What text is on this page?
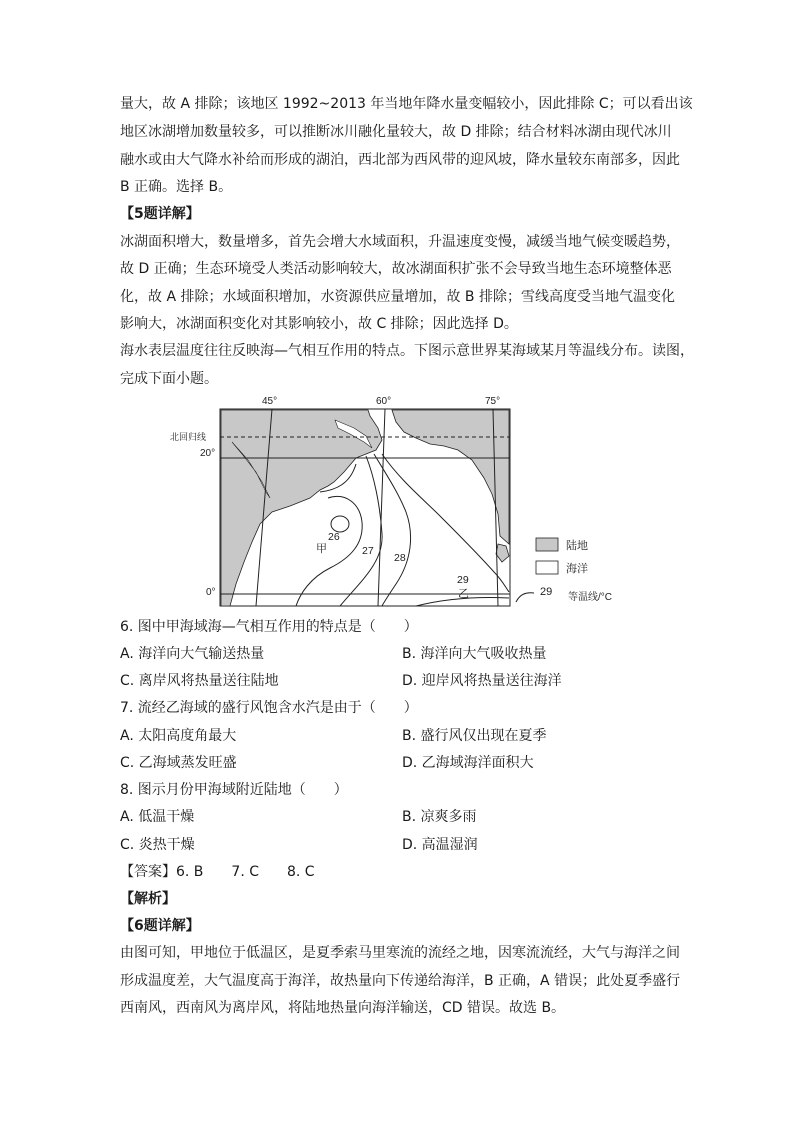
量大，故 A 排除；该地区 1992~2013 年当地年降水量变幅较小，因此排除 C；可以看出该
地区冰湖增加数量较多，可以推断冰川融化量较大，故 D 排除；结合材料冰湖由现代冰川
融水或由大气降水补给而形成的湖泊，西北部为西风带的迎风坡，降水量较东南部多，因此
B 正确。选择 B。
【5题详解】
冰湖面积增大，数量增多，首先会增大水域面积，升温速度变慢，减缓当地气候变暖趋势，
故 D 正确；生态环境受人类活动影响较大，故冰湖面积扩张不会导致当地生态环境整体恶
化，故 A 排除；水域面积增加，水资源供应量增加，故 B 排除；雪线高度受当地气温变化
影响大，冰湖面积变化对其影响较小，故 C 排除；因此选择 D。
海水表层温度往往反映海—气相互作用的特点。下图示意世界某海域某月等温线分布。读图，
完成下面小题。
45°	60°	75°
北回归线
20°
0°
26
27
28
29
甲
乙
陆地
海洋
29 等温线/°C
6. 图中甲海域海—气相互作用的特点是（　　）
A. 海洋向大气输送热量	B. 海洋向大气吸收热量
C. 离岸风将热量送往陆地	D. 迎岸风将热量送往海洋
7. 流经乙海域的盛行风饱含水汽是由于（　　）
A. 太阳高度角最大	B. 盛行风仅出现在夏季
C. 乙海域蒸发旺盛	D. 乙海域海洋面积大
8. 图示月份甲海域附近陆地（　　）
A. 低温干燥	B. 凉爽多雨
C. 炎热干燥	D. 高温湿润
【答案】6. B　　7. C　　8. C
【解析】
【6题详解】
由图可知，甲地位于低温区，是夏季索马里寒流的流经之地，因寒流流经，大气与海洋之间
形成温度差，大气温度高于海洋，故热量向下传递给海洋，B 正确，A 错误；此处夏季盛行
西南风，西南风为离岸风，将陆地热量向海洋输送，CD 错误。故选 B。
